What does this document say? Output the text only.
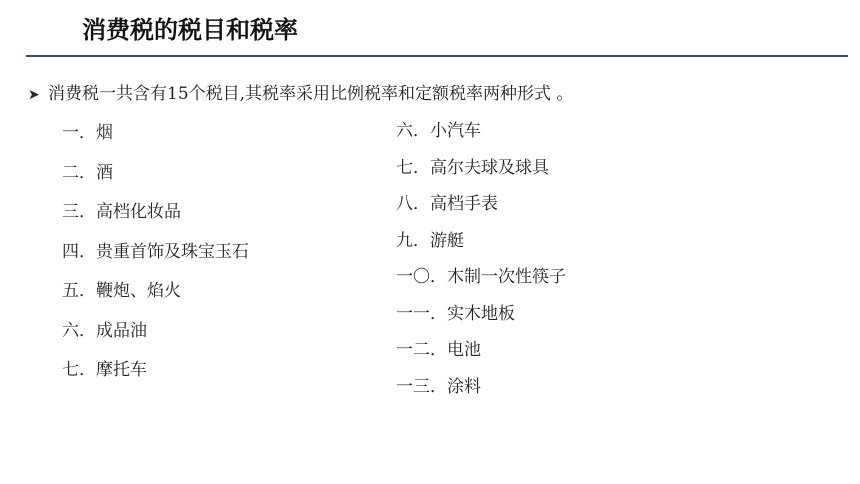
消费税的税目和税率
➤ 消费税一共含有15个税目,其税率采用比例税率和定额税率两种形式 。
一．烟
二．酒
三．高档化妆品
四．贵重首饰及珠宝玉石
五．鞭炮、焰火
六．成品油
七．摩托车
六．小汽车
七．高尔夫球及球具
八．高档手表
九．游艇
一〇．木制一次性筷子
一一．实木地板
一二．电池
一三．涂料
